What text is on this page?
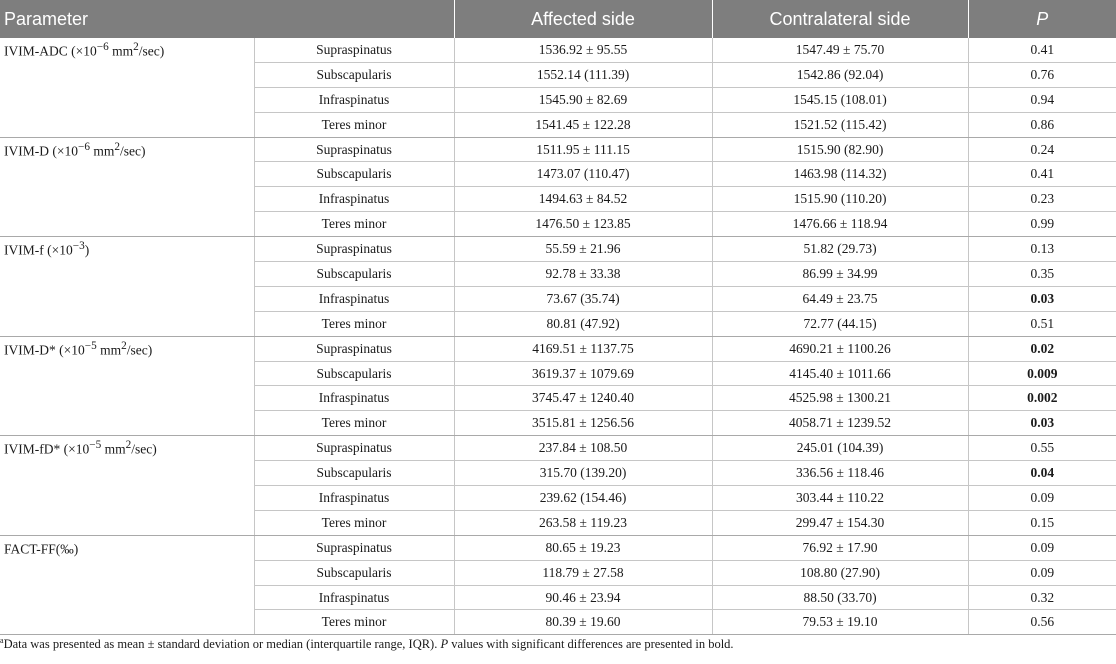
Parameter		Affected side	Contralateral side	P
IVIM-ADC ($\times 10^{-6}$ $mm^2/\sec$)	Supraspinatus	1536.92 ± 95.55	1547.49 ± 75.70	0.41
	Subscapularis	1552.14 (111.39)	1542.86 (92.04)	0.76
	Infraspinatus	1545.90 ± 82.69	1545.15 (108.01)	0.94
	Teres minor	1541.45 ± 122.28	1521.52 (115.42)	0.86
IVIM-D ($\times 10^{-6}$ $mm^2/\sec$)	Supraspinatus	1511.95 ± 111.15	1515.90 (82.90)	0.24
	Subscapularis	1473.07 (110.47)	1463.98 (114.32)	0.41
	Infraspinatus	1494.63 ± 84.52	1515.90 (110.20)	0.23
	Teres minor	1476.50 ± 123.85	1476.66 ± 118.94	0.99
IVIM-f $(\times 10^{-3})$	Supraspinatus	55.59 ± 21.96	51.82 (29.73)	0.13
	Subscapularis	92.78 ± 33.38	86.99 ± 34.99	0.35
	Infraspinatus	73.67 (35.74)	64.49 ± 23.75	0.03
	Teres minor	80.81 (47.92)	72.77 (44.15)	0.51
IVIM-D* ($\times 10^{-5}$ $mm^2/\sec$)	Supraspinatus	4169.51 ± 1137.75	4690.21 ± 1100.26	0.02
	Subscapularis	3619.37 ± 1079.69	4145.40 ± 1011.66	0.009
	Infraspinatus	3745.47 ± 1240.40	4525.98 ± 1300.21	0.002
	Teres minor	3515.81 ± 1256.56	4058.71 ± 1239.52	0.03
IVIM-fD* ($\times 10^{-5}$ $mm^2/\sec$)	Supraspinatus	237.84 ± 108.50	245.01 (104.39)	0.55
	Subscapularis	315.70 (139.20)	336.56 ± 118.46	0.04
	Infraspinatus	239.62 (154.46)	303.44 ± 110.22	0.09
	Teres minor	263.58 ± 119.23	299.47 ± 154.30	0.15
FACT-FF(‰)	Supraspinatus	80.65 ± 19.23	76.92 ± 17.90	0.09
	Subscapularis	118.79 ± 27.58	108.80 (27.90)	0.09
	Infraspinatus	90.46 ± 23.94	88.50 (33.70)	0.32
	Teres minor	80.39 ± 19.60	79.53 ± 19.10	0.56
$^a$Data was presented as mean ± standard deviation or median (interquartile range, IQR). P values with significant differences are presented in bold.
